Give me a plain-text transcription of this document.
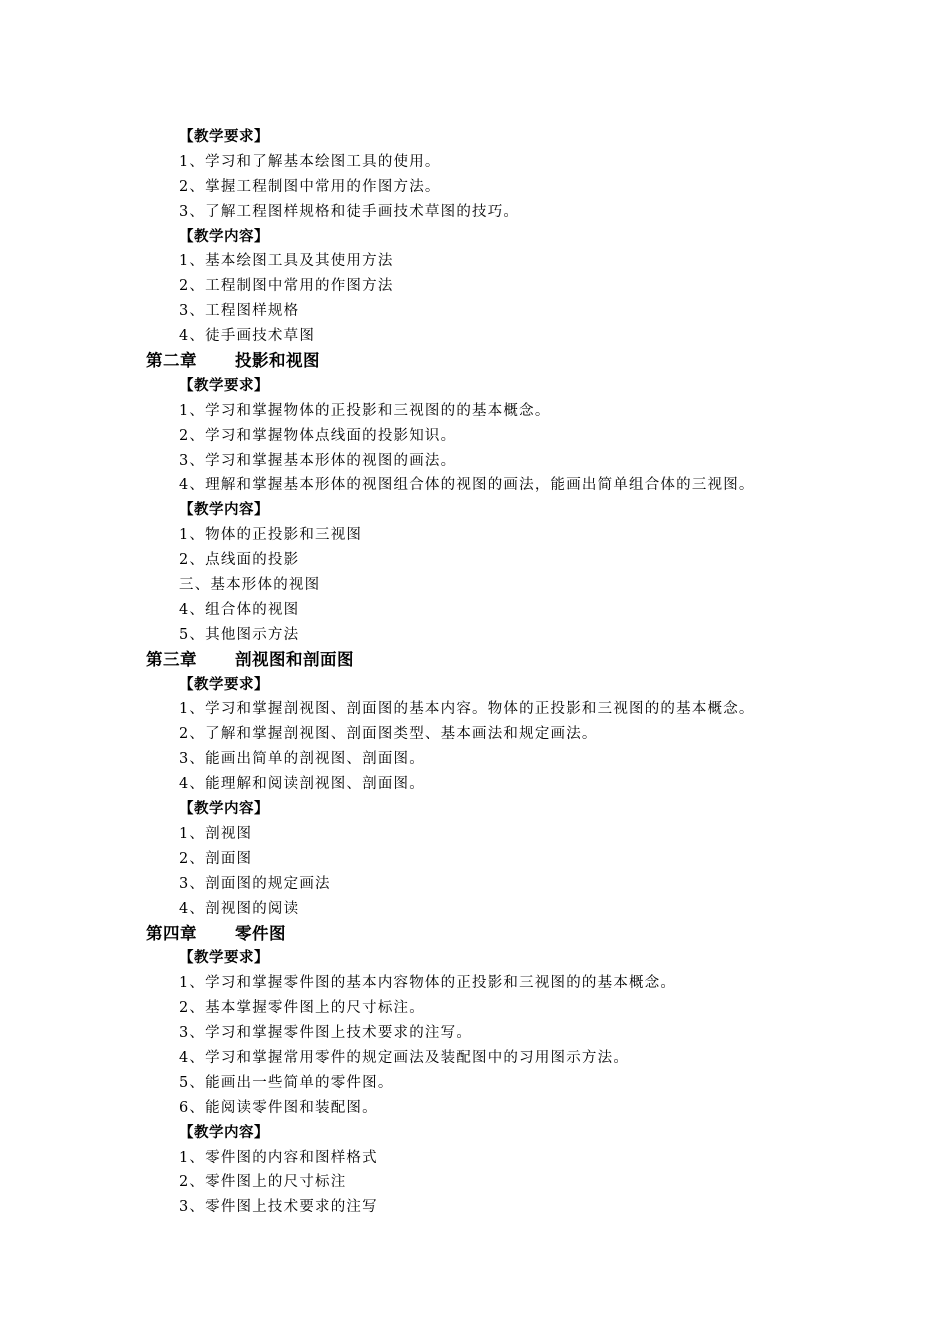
【教学要求】
1、学习和了解基本绘图工具的使用。
2、掌握工程制图中常用的作图方法。
3、了解工程图样规格和徒手画技术草图的技巧。
【教学内容】
1、基本绘图工具及其使用方法
2、工程制图中常用的作图方法
3、工程图样规格
4、徒手画技术草图
第二章 投影和视图
【教学要求】
1、学习和掌握物体的正投影和三视图的的基本概念。
2、学习和掌握物体点线面的投影知识。
3、学习和掌握基本形体的视图的画法。
4、理解和掌握基本形体的视图组合体的视图的画法，能画出简单组合体的三视图。
【教学内容】
1、物体的正投影和三视图
2、点线面的投影
三、基本形体的视图
4、组合体的视图
5、其他图示方法
第三章 剖视图和剖面图
【教学要求】
1、学习和掌握剖视图、剖面图的基本内容。物体的正投影和三视图的的基本概念。
2、了解和掌握剖视图、剖面图类型、基本画法和规定画法。
3、能画出简单的剖视图、剖面图。
4、能理解和阅读剖视图、剖面图。
【教学内容】
1、剖视图
2、剖面图
3、剖面图的规定画法
4、剖视图的阅读
第四章 零件图
【教学要求】
1、学习和掌握零件图的基本内容物体的正投影和三视图的的基本概念。
2、基本掌握零件图上的尺寸标注。
3、学习和掌握零件图上技术要求的注写。
4、学习和掌握常用零件的规定画法及装配图中的习用图示方法。
5、能画出一些简单的零件图。
6、能阅读零件图和装配图。
【教学内容】
1、零件图的内容和图样格式
2、零件图上的尺寸标注
3、零件图上技术要求的注写
